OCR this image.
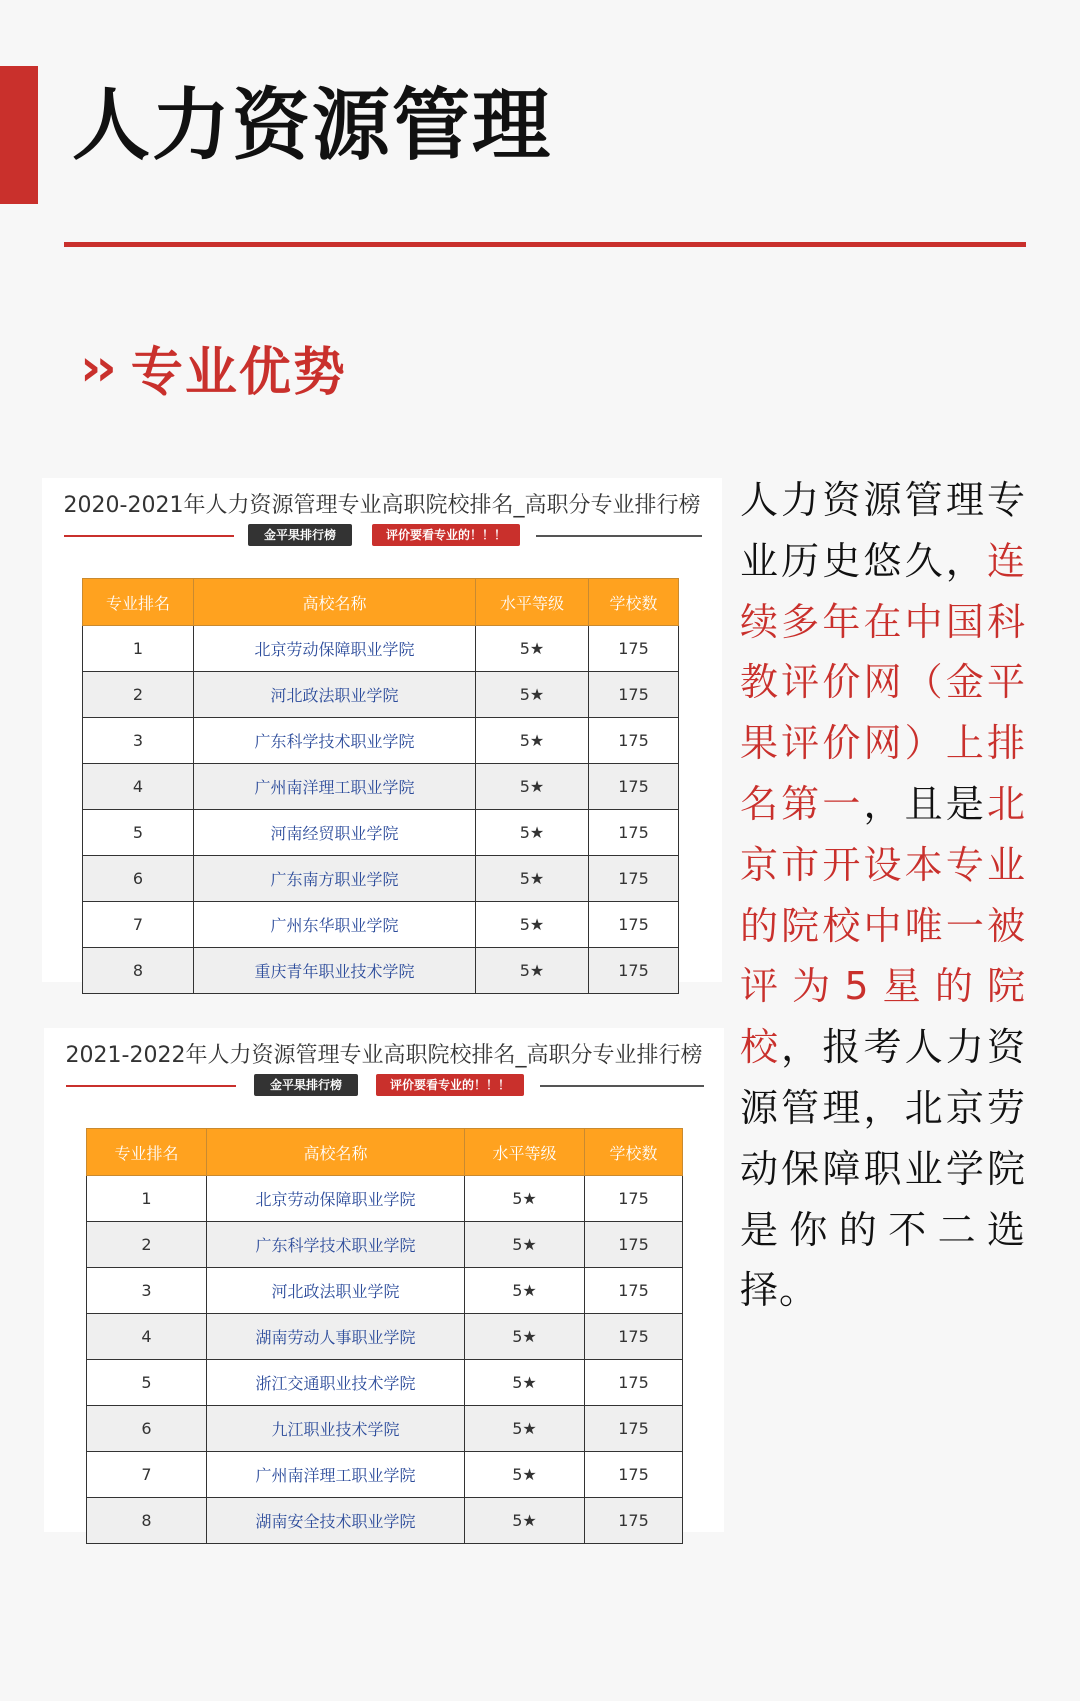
人力资源管理
›› 专业优势
2020-2021年人力资源管理专业高职院校排名_高职分专业排行榜
金平果排行榜	评价要看专业的！！！
专业排名	高校名称	水平等级	学校数
1	北京劳动保障职业学院	5★	175
2	河北政法职业学院	5★	175
3	广东科学技术职业学院	5★	175
4	广州南洋理工职业学院	5★	175
5	河南经贸职业学院	5★	175
6	广东南方职业学院	5★	175
7	广州东华职业学院	5★	175
8	重庆青年职业技术学院	5★	175
2021-2022年人力资源管理专业高职院校排名_高职分专业排行榜
金平果排行榜	评价要看专业的！！！
专业排名	高校名称	水平等级	学校数
1	北京劳动保障职业学院	5★	175
2	广东科学技术职业学院	5★	175
3	河北政法职业学院	5★	175
4	湖南劳动人事职业学院	5★	175
5	浙江交通职业技术学院	5★	175
6	九江职业技术学院	5★	175
7	广州南洋理工职业学院	5★	175
8	湖南安全技术职业学院	5★	175

人力资源管理专业历史悠久，连续多年在中国科教评价网（金平果评价网）上排名第一，且是北京市开设本专业的院校中唯一被评为5星的院校，报考人力资源管理，北京劳动保障职业学院是你的不二选择。
